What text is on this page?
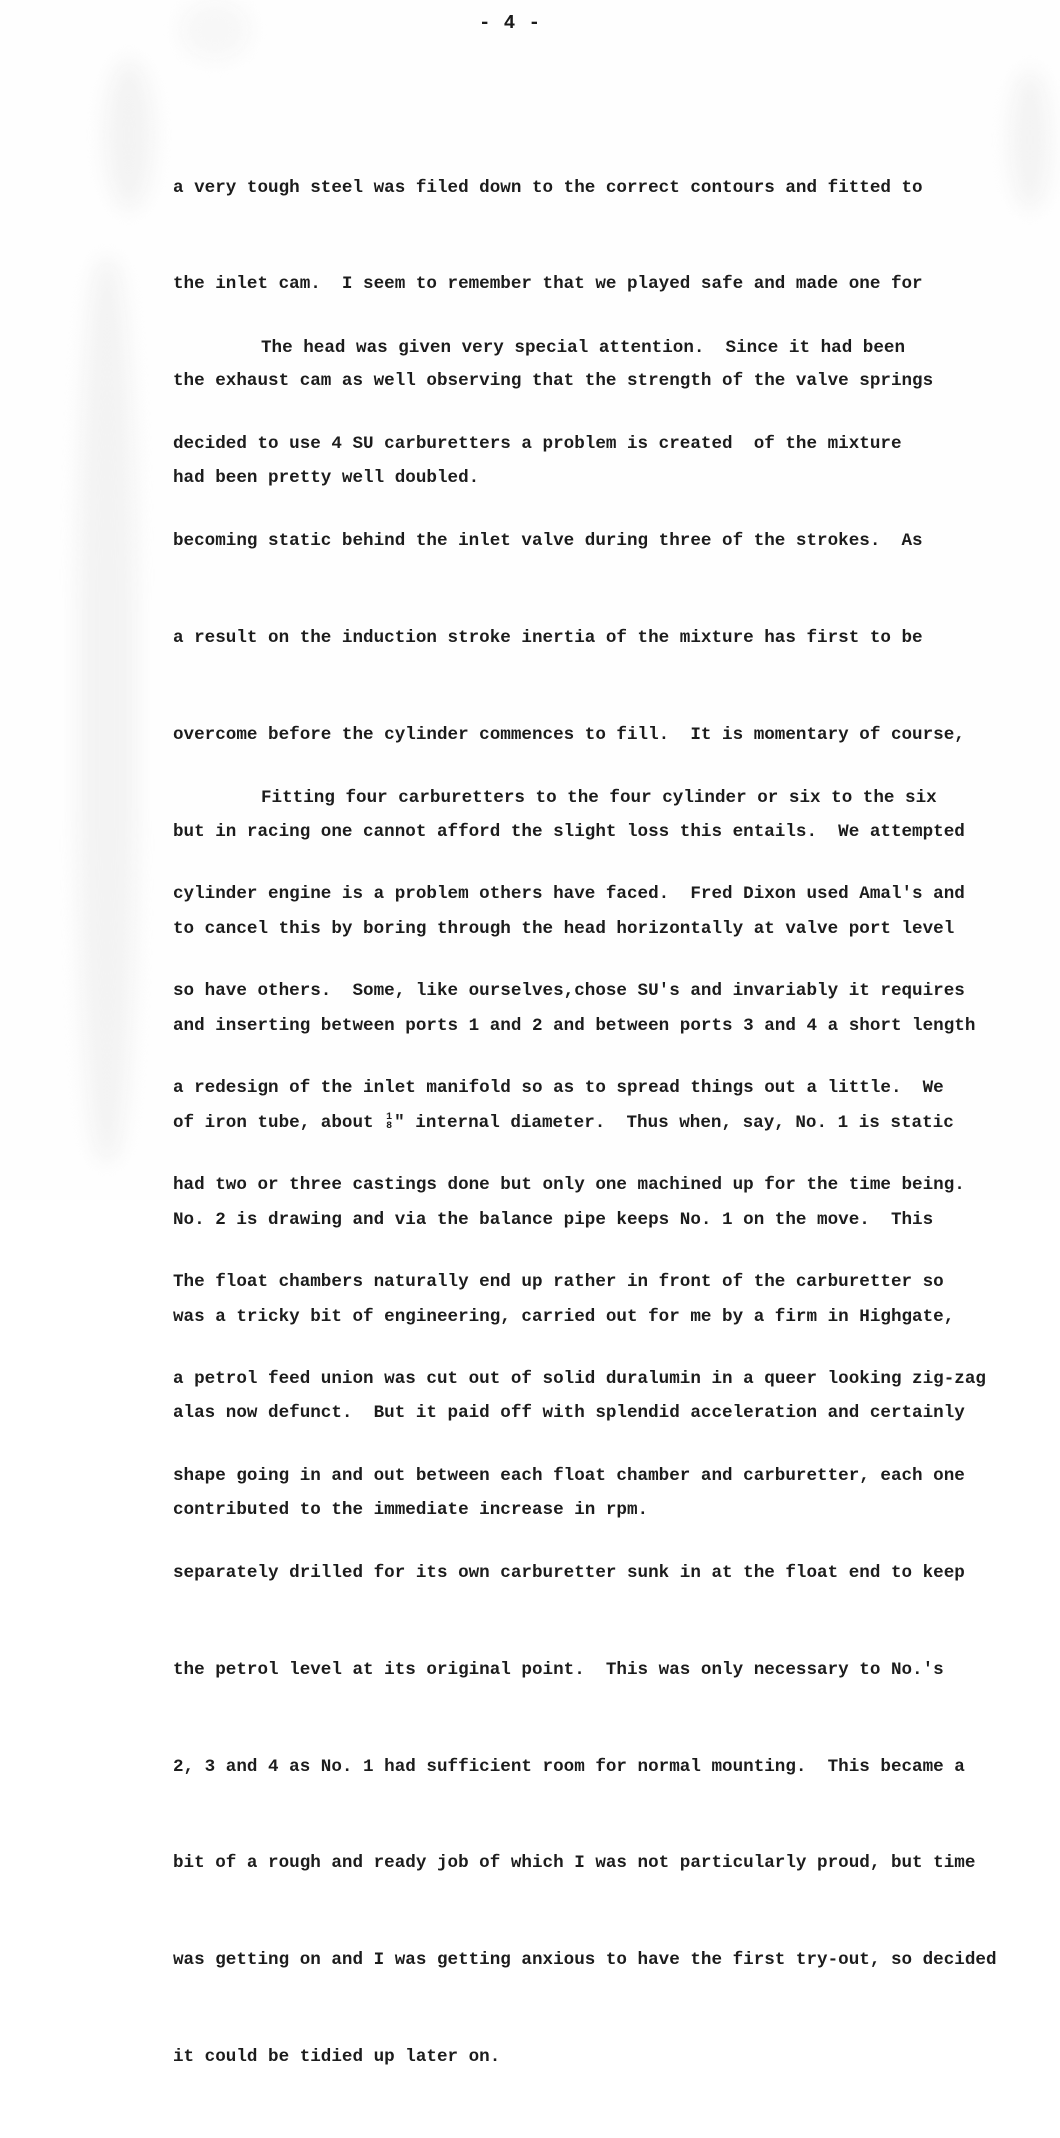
- 4 -

a very tough steel was filed down to the correct contours and fitted to

the inlet cam.  I seem to remember that we played safe and made one for

the exhaust cam as well observing that the strength of the valve springs

had been pretty well doubled.

The head was given very special attention.  Since it had been

decided to use 4 SU carburetters a problem is created  of the mixture

becoming static behind the inlet valve during three of the strokes.  As

a result on the induction stroke inertia of the mixture has first to be

overcome before the cylinder commences to fill.  It is momentary of course,

but in racing one cannot afford the slight loss this entails.  We attempted

to cancel this by boring through the head horizontally at valve port level

and inserting between ports 1 and 2 and between ports 3 and 4 a short length

of iron tube, about 1
8 " internal diameter.  Thus when, say, No. 1 is static

No. 2 is drawing and via the balance pipe keeps No. 1 on the move.  This

was a tricky bit of engineering, carried out for me by a firm in Highgate,

alas now defunct.  But it paid off with splendid acceleration and certainly

contributed to the immediate increase in rpm.

Fitting four carburetters to the four cylinder or six to the six

cylinder engine is a problem others have faced.  Fred Dixon used Amal's and

so have others.  Some, like ourselves,chose SU's and invariably it requires

a redesign of the inlet manifold so as to spread things out a little.  We

had two or three castings done but only one machined up for the time being.

The float chambers naturally end up rather in front of the carburetter so

a petrol feed union was cut out of solid duralumin in a queer looking zig-zag

shape going in and out between each float chamber and carburetter, each one

separately drilled for its own carburetter sunk in at the float end to keep

the petrol level at its original point.  This was only necessary to No.'s

2, 3 and 4 as No. 1 had sufficient room for normal mounting.  This became a

bit of a rough and ready job of which I was not particularly proud, but time

was getting on and I was getting anxious to have the first try-out, so decided

it could be tidied up later on.
